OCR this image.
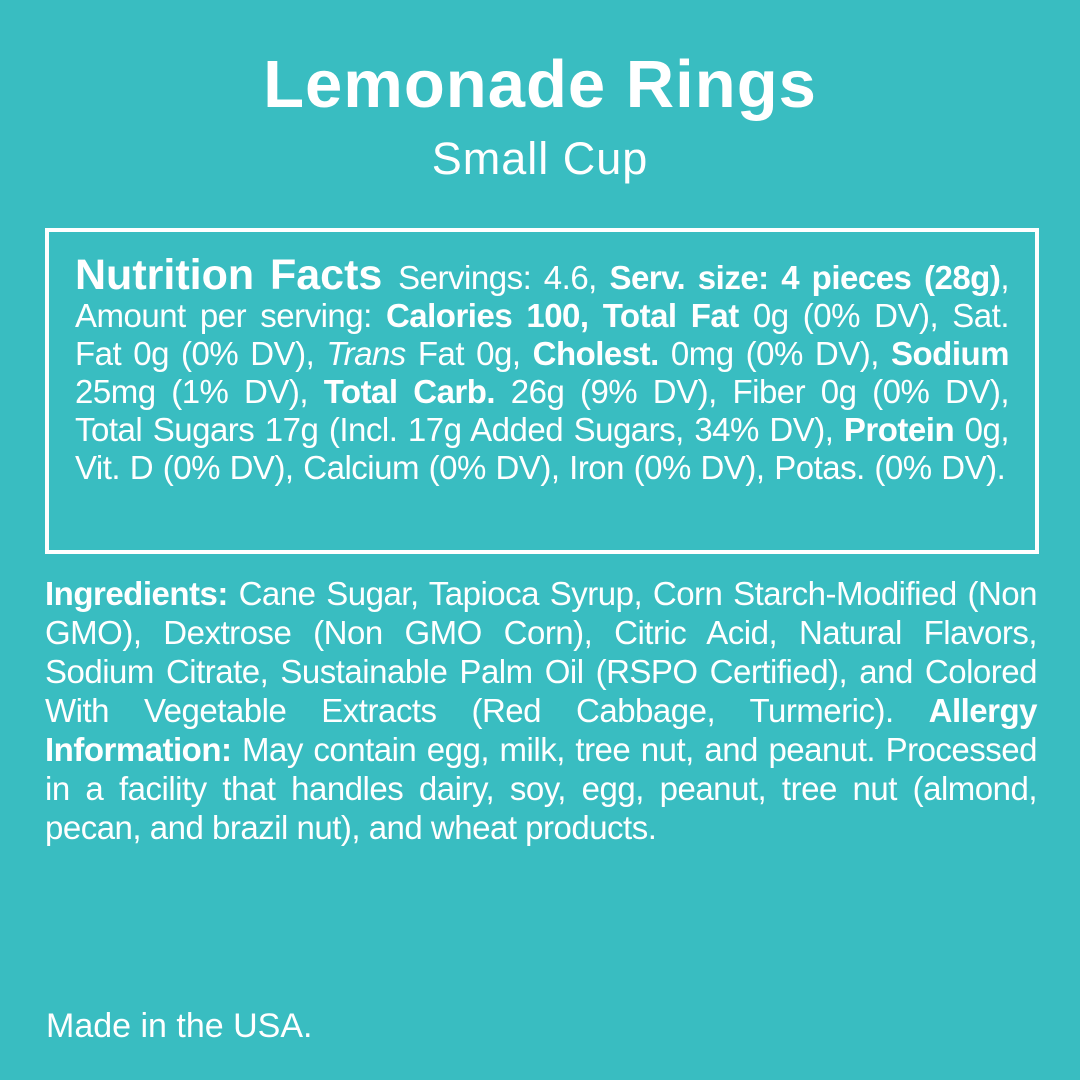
Lemonade Rings
Small Cup
Nutrition Facts Servings: 4.6, Serv. size: 4 pieces (28g), Amount per serving: Calories 100, Total Fat 0g (0% DV), Sat. Fat 0g (0% DV), Trans Fat 0g, Cholest. 0mg (0% DV), Sodium 25mg (1% DV), Total Carb. 26g (9% DV), Fiber 0g (0% DV), Total Sugars 17g (Incl. 17g Added Sugars, 34% DV), Protein 0g, Vit. D (0% DV), Calcium (0% DV), Iron (0% DV), Potas. (0% DV).
Ingredients: Cane Sugar, Tapioca Syrup, Corn Starch-Modified (Non GMO), Dextrose (Non GMO Corn), Citric Acid, Natural Flavors, Sodium Citrate, Sustainable Palm Oil (RSPO Certified), and Colored With Vegetable Extracts (Red Cabbage, Turmeric). Allergy Information: May contain egg, milk, tree nut, and peanut. Processed in a facility that handles dairy, soy, egg, peanut, tree nut (almond, pecan, and brazil nut), and wheat products.
Made in the USA.
